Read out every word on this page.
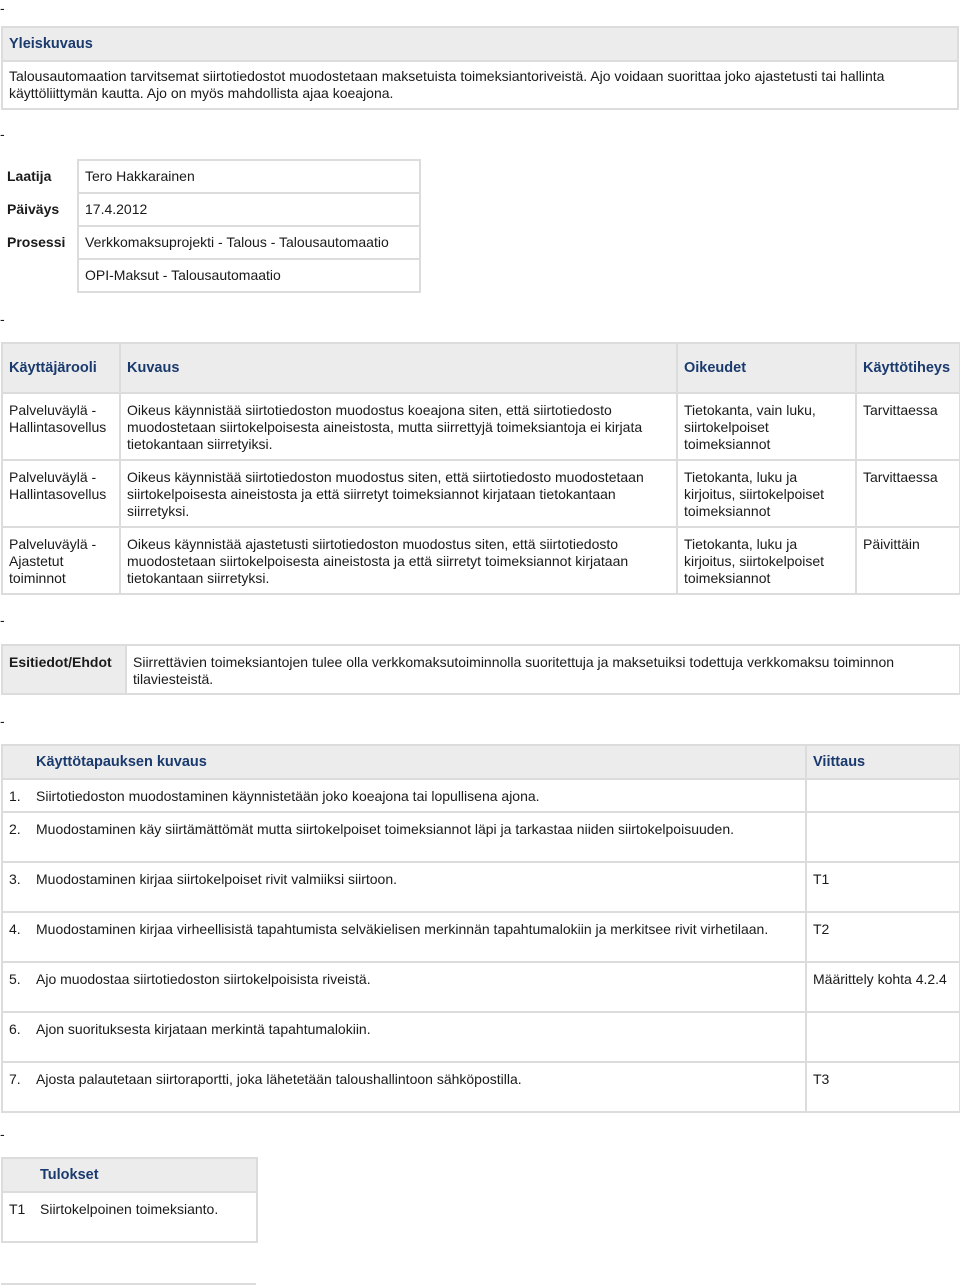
-
-
-
-
-
-
Yleiskuvaus
Talousautomaation tarvitsemat siirtotiedostot muodostetaan maksetuista toimeksiantoriveistä. Ajo voidaan suorittaa joko ajastetusti tai hallinta käyttöliittymän kautta. Ajo on myös mahdollista ajaa koeajona.
Laatija	Tero Hakkarainen
Päiväys	17.4.2012
Prosessi	Verkkomaksuprojekti - Talous - Talousautomaatio
	OPI-Maksut - Talousautomaatio
Käyttäjärooli	Kuvaus	Oikeudet	Käyttötiheys
Palveluväylä - Hallintasovellus	Oikeus käynnistää siirtotiedoston muodostus koeajona siten, että siirtotiedosto muodostetaan siirtokelpoisesta aineistosta, mutta siirrettyjä toimeksiantoja ei kirjata tietokantaan siirretyiksi.	Tietokanta, vain luku, siirtokelpoiset toimeksiannot	Tarvittaessa
Palveluväylä - Hallintasovellus	Oikeus käynnistää siirtotiedoston muodostus siten, että siirtotiedosto muodostetaan siirtokelpoisesta aineistosta ja että siirretyt toimeksiannot kirjataan tietokantaan siirretyksi.	Tietokanta, luku ja kirjoitus, siirtokelpoiset toimeksiannot	Tarvittaessa
Palveluväylä - Ajastetut toiminnot	Oikeus käynnistää ajastetusti siirtotiedoston muodostus siten, että siirtotiedosto muodostetaan siirtokelpoisesta aineistosta ja että siirretyt toimeksiannot kirjataan tietokantaan siirretyksi.	Tietokanta, luku ja kirjoitus, siirtokelpoiset toimeksiannot	Päivittäin
Esitiedot/Ehdot	Siirrettävien toimeksiantojen tulee olla verkkomaksutoiminnolla suoritettuja ja maksetuiksi todettuja verkkomaksu toiminnon tilaviesteistä.
	Käyttötapauksen kuvaus	Viittaus
1.	Siirtotiedoston muodostaminen käynnistetään joko koeajona tai lopullisena ajona.	
2.	Muodostaminen käy siirtämättömät mutta siirtokelpoiset toimeksiannot läpi ja tarkastaa niiden siirtokelpoisuuden.	
3.	Muodostaminen kirjaa siirtokelpoiset rivit valmiiksi siirtoon.	T1
4.	Muodostaminen kirjaa virheellisistä tapahtumista selväkielisen merkinnän tapahtumalokiin ja merkitsee rivit virhetilaan.	T2
5.	Ajo muodostaa siirtotiedoston siirtokelpoisista riveistä.	Määrittely kohta 4.2.4
6.	Ajon suorituksesta kirjataan merkintä tapahtumalokiin.	
7.	Ajosta palautetaan siirtoraportti, joka lähetetään taloushallintoon sähköpostilla.	T3
	Tulokset
T1	Siirtokelpoinen toimeksianto.
